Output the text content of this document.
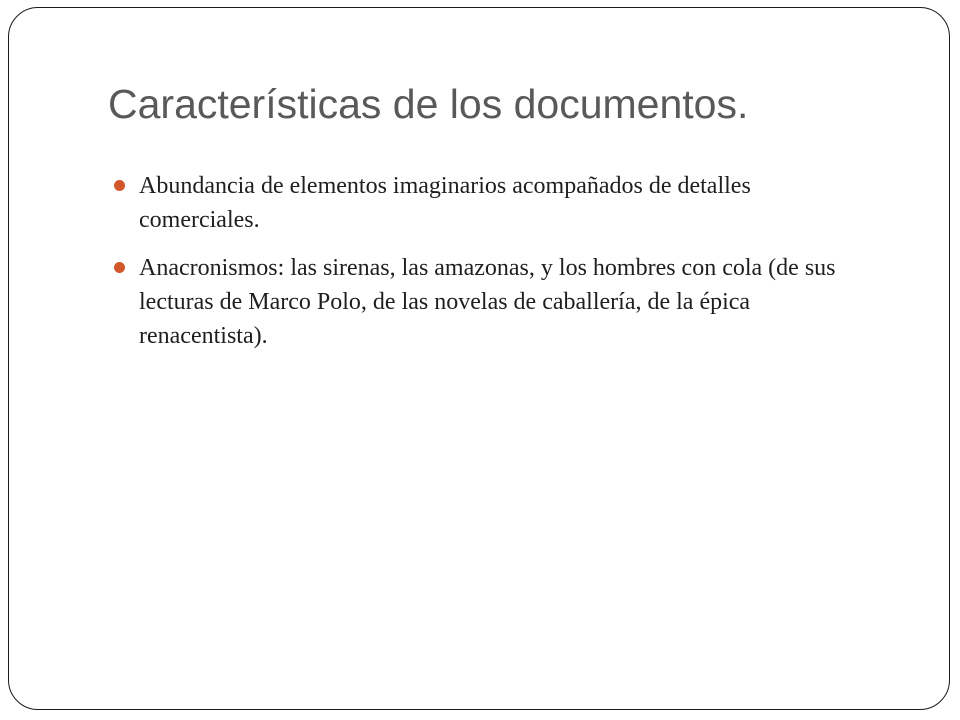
Características de los documentos.
Abundancia de elementos imaginarios acompañados de detalles comerciales.
Anacronismos: las sirenas, las amazonas, y los hombres con cola (de sus lecturas de Marco Polo, de las novelas de caballería, de la épica renacentista).
